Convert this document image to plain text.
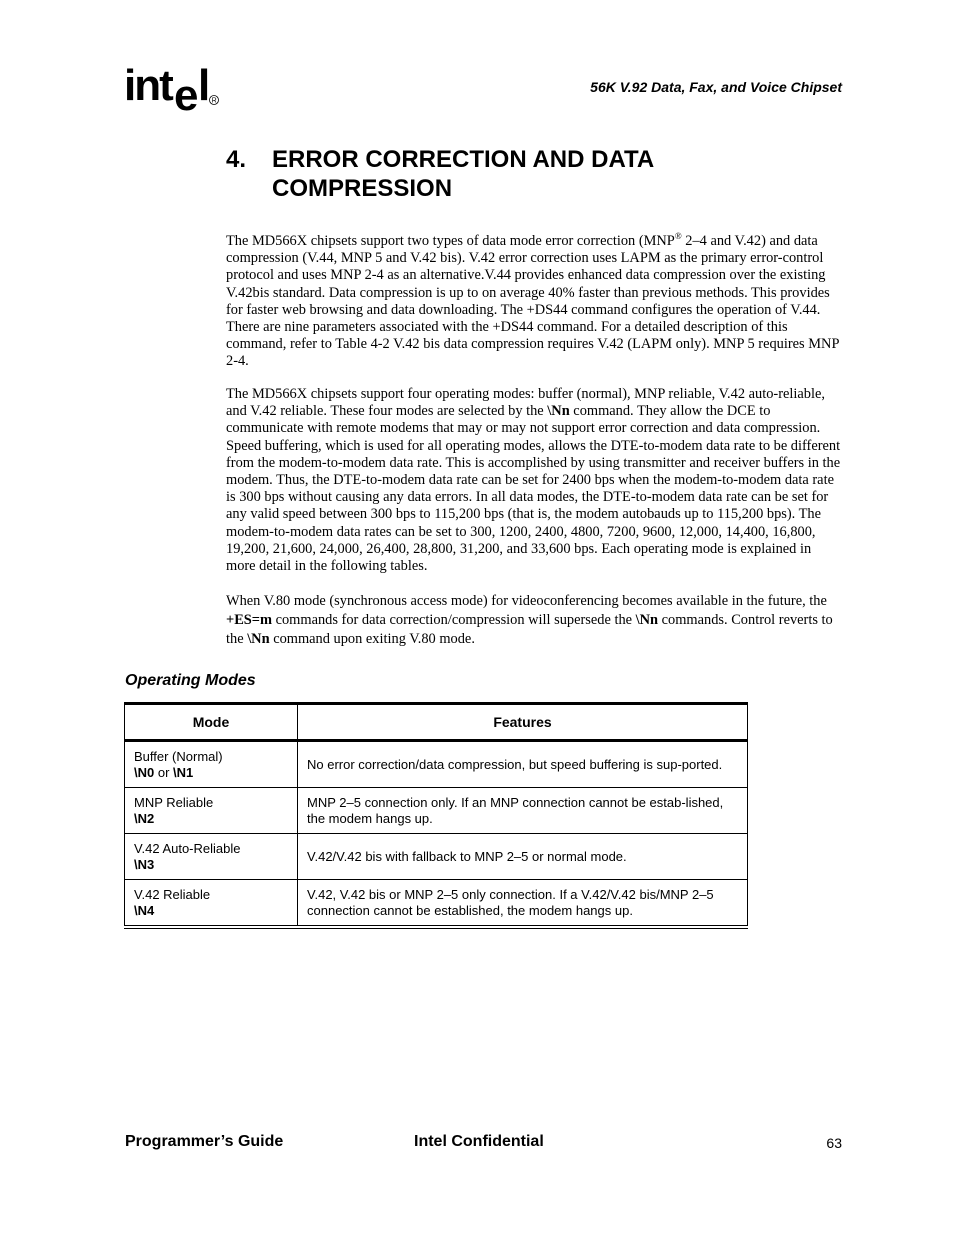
int e l R
56K V.92 Data, Fax, and Voice Chipset
4. ERROR CORRECTION AND DATA COMPRESSION

The MD566X chipsets support two types of data mode error correction (MNP® 2–4 and V.42) and data compression (V.44, MNP 5 and V.42 bis). V.42 error correction uses LAPM as the primary error-control protocol and uses MNP 2-4 as an alternative.V.44 provides enhanced data compression over the existing V.42bis standard. Data compression is up to on average 40% faster than previous methods. This provides for faster web browsing and data downloading. The +DS44 command configures the operation of V.44. There are nine parameters associated with the +DS44 command. For a detailed description of this command, refer to Table 4-2 V.42 bis data compression requires V.42 (LAPM only). MNP 5 requires MNP 2-4.

The MD566X chipsets support four operating modes: buffer (normal), MNP reliable, V.42 auto-reliable, and V.42 reliable. These four modes are selected by the \Nn command. They allow the DCE to communicate with remote modems that may or may not support error correction and data compression. Speed buffering, which is used for all operating modes, allows the DTE-to-modem data rate to be different from the modem-to-modem data rate. This is accomplished by using transmitter and receiver buffers in the modem. Thus, the DTE-to-modem data rate can be set for 2400 bps when the modem-to-modem data rate is 300 bps without causing any data errors. In all data modes, the DTE-to-modem data rate can be set for any valid speed between 300 bps to 115,200 bps (that is, the modem autobauds up to 115,200 bps). The modem-to-modem data rates can be set to 300, 1200, 2400, 4800, 7200, 9600, 12,000, 14,400, 16,800, 19,200, 21,600, 24,000, 26,400, 28,800, 31,200, and 33,600 bps. Each operating mode is explained in more detail in the following tables.

When V.80 mode (synchronous access mode) for videoconferencing becomes available in the future, the +ES=m commands for data correction/compression will supersede the \Nn commands. Control reverts to the \Nn command upon exiting V.80 mode.

Operating Modes
Mode	Features
Buffer (Normal)
\N0 or \N1	No error correction/data compression, but speed buffering is sup-ported.
MNP Reliable
\N2	MNP 2–5 connection only. If an MNP connection cannot be estab-lished, the modem hangs up.
V.42 Auto-Reliable
\N3	V.42/V.42 bis with fallback to MNP 2–5 or normal mode.
V.42 Reliable
\N4	V.42, V.42 bis or MNP 2–5 only connection. If a V.42/V.42 bis/MNP 2–5 connection cannot be established, the modem hangs up.
Programmer’s Guide	Intel Confidential	63
